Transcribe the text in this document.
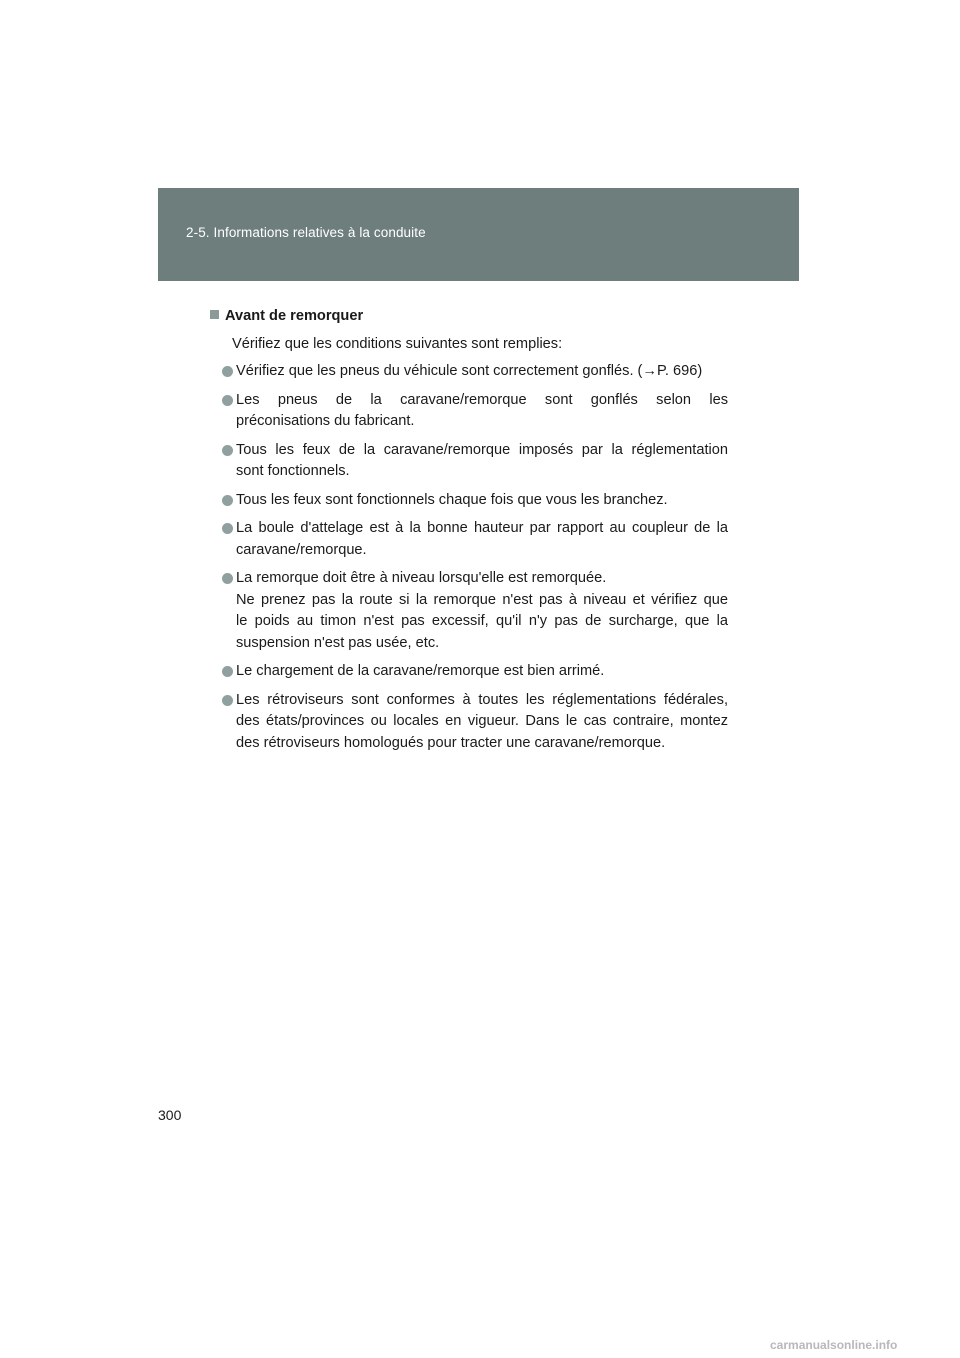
2-5. Informations relatives à la conduite
Avant de remorquer
Vérifiez que les conditions suivantes sont remplies:
Vérifiez que les pneus du véhicule sont correctement gonflés. (→P. 696)
Les pneus de la caravane/remorque sont gonflés selon les
préconisations du fabricant.
Tous les feux de la caravane/remorque imposés par la réglementation
sont fonctionnels.
Tous les feux sont fonctionnels chaque fois que vous les branchez.
La boule d'attelage est à la bonne hauteur par rapport au coupleur de la
caravane/remorque.
La remorque doit être à niveau lorsqu'elle est remorquée.
Ne prenez pas la route si la remorque n'est pas à niveau et vérifiez que
le poids au timon n'est pas excessif, qu'il n'y pas de surcharge, que la
suspension n'est pas usée, etc.
Le chargement de la caravane/remorque est bien arrimé.
Les rétroviseurs sont conformes à toutes les réglementations fédérales,
des états/provinces ou locales en vigueur. Dans le cas contraire, montez
des rétroviseurs homologués pour tracter une caravane/remorque.
300
carmanualsonline.info
